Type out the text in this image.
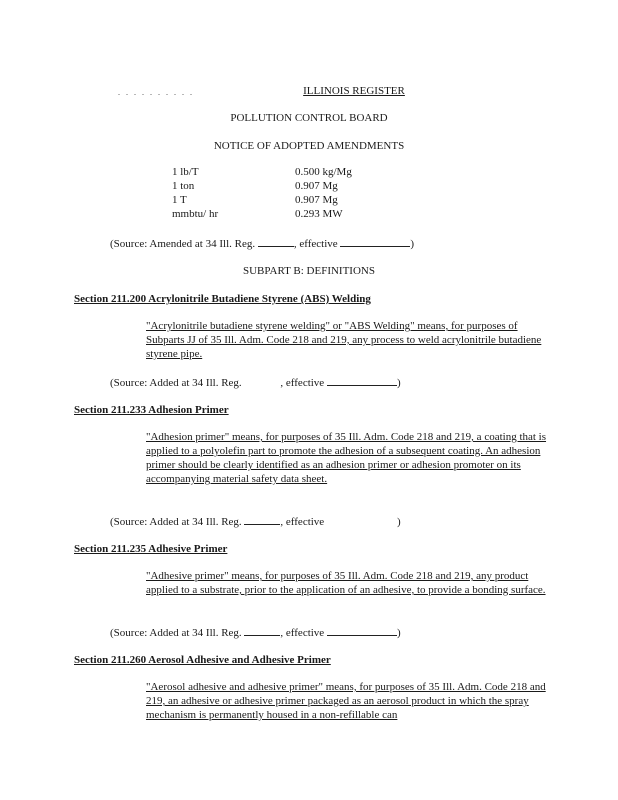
. . . . . . . . . .	ILLINOIS REGISTER
POLLUTION CONTROL BOARD
NOTICE OF ADOPTED AMENDMENTS
1 lb/T	0.500 kg/Mg
1 ton	0.907 Mg
1 T	0.907 Mg
mmbtu/ hr	0.293 MW
(Source: Amended at 34 Ill. Reg.	, effective	)
SUBPART B: DEFINITIONS
Section 211.200 Acrylonitrile Butadiene Styrene (ABS) Welding
"Acrylonitrile butadiene styrene welding" or "ABS Welding" means, for purposes of Subparts JJ of 35 Ill. Adm. Code 218 and 219, any process to weld acrylonitrile butadiene styrene pipe.
(Source: Added at 34 Ill. Reg.	, effective	)
Section 211.233 Adhesion Primer
"Adhesion primer" means, for purposes of 35 Ill. Adm. Code 218 and 219, a coating that is applied to a polyolefin part to promote the adhesion of a subsequent coating. An adhesion primer should be clearly identified as an adhesion primer or adhesion promoter on its accompanying material safety data sheet.
(Source: Added at 34 Ill. Reg.	, effective	)
Section 211.235 Adhesive Primer
"Adhesive primer" means, for purposes of 35 Ill. Adm. Code 218 and 219, any product applied to a substrate, prior to the application of an adhesive, to provide a bonding surface.
(Source: Added at 34 Ill. Reg.	, effective	)
Section 211.260 Aerosol Adhesive and Adhesive Primer
"Aerosol adhesive and adhesive primer" means, for purposes of 35 Ill. Adm. Code 218 and 219, an adhesive or adhesive primer packaged as an aerosol product in which the spray mechanism is permanently housed in a non-refillable can
